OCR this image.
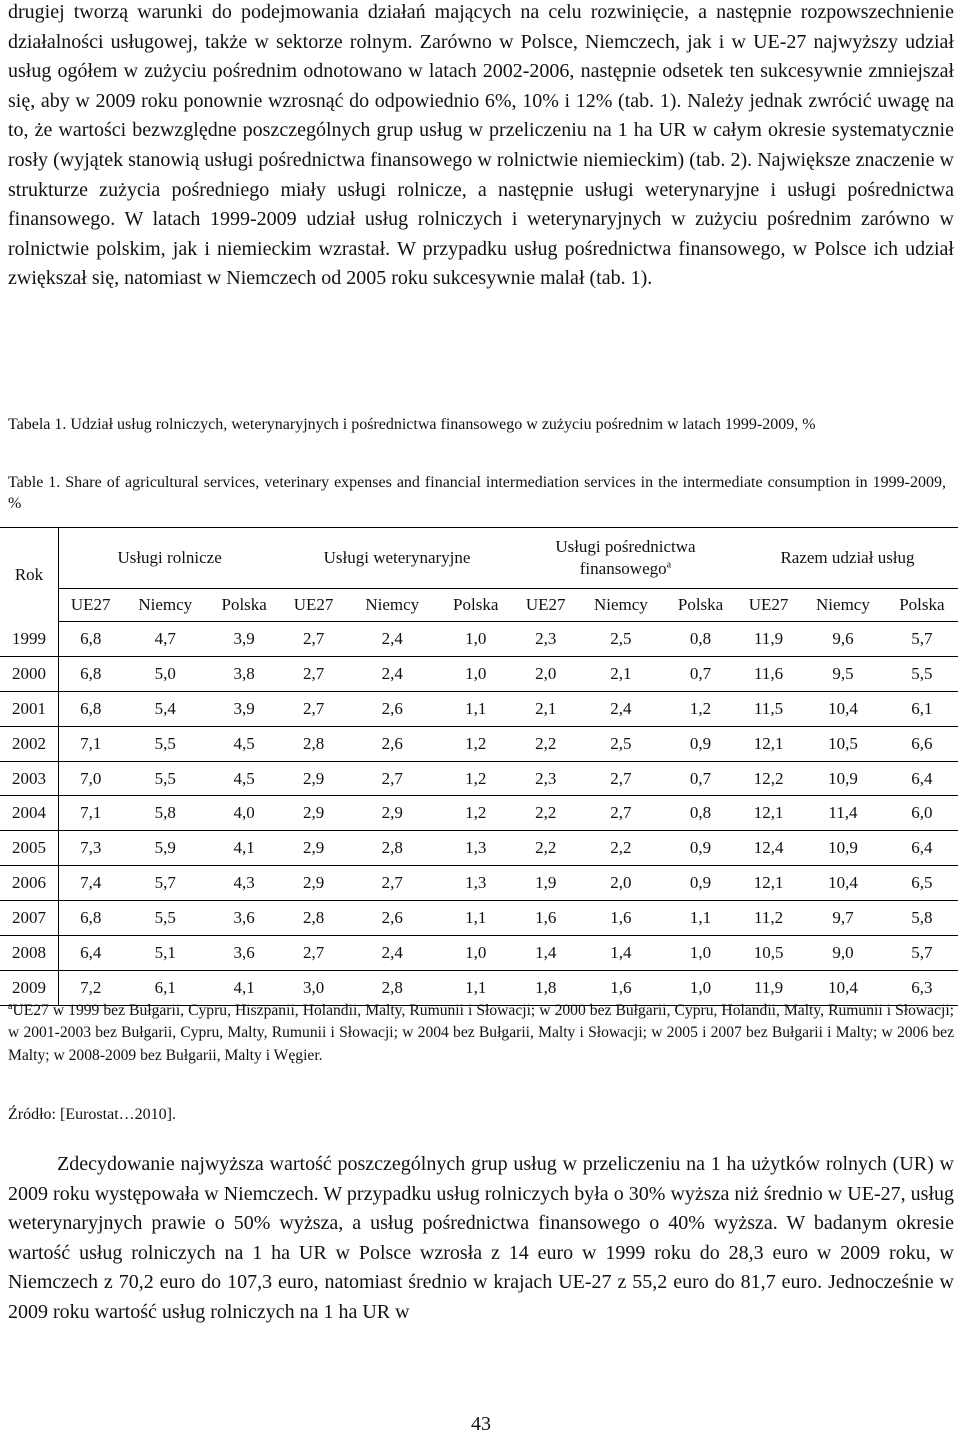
drugiej tworzą warunki do podejmowania działań mających na celu rozwinięcie, a następnie rozpowszechnienie działalności usługowej, także w sektorze rolnym. Zarówno w Polsce, Niemczech, jak i w UE-27 najwyższy udział usług ogółem w zużyciu pośrednim odnotowano w latach 2002-2006, następnie odsetek ten sukcesywnie zmniejszał się, aby w 2009 roku ponownie wzrosnąć do odpowiednio 6%, 10% i 12% (tab. 1). Należy jednak zwrócić uwagę na to, że wartości bezwzględne poszczególnych grup usług w przeliczeniu na 1 ha UR w całym okresie systematycznie rosły (wyjątek stanowią usługi pośrednictwa finansowego w rolnictwie niemieckim) (tab. 2). Największe znaczenie w strukturze zużycia pośredniego miały usługi rolnicze, a następnie usługi weterynaryjne i usługi pośrednictwa finansowego. W latach 1999-2009 udział usług rolniczych i weterynaryjnych w zużyciu pośrednim zarówno w rolnictwie polskim, jak i niemieckim wzrastał. W przypadku usług pośrednictwa finansowego, w Polsce ich udział zwiększał się, natomiast w Niemczech od 2005 roku sukcesywnie malał (tab. 1).

Tabela 1. Udział usług rolniczych, weterynaryjnych i pośrednictwa finansowego w zużyciu pośrednim w latach 1999-2009, %

Table 1. Share of agricultural services, veterinary expenses and financial intermediation services in the intermediate consumption in 1999-2009, %

Rok	Usługi rolnicze			Usługi weterynaryjne			Usługi pośrednictwa
finansowego$^a$			Razem udział usług		
	UE27	Niemcy	Polska	UE27	Niemcy	Polska	UE27	Niemcy	Polska	UE27	Niemcy	Polska
1999	6,8	4,7	3,9	2,7	2,4	1,0	2,3	2,5	0,8	11,9	9,6	5,7
2000	6,8	5,0	3,8	2,7	2,4	1,0	2,0	2,1	0,7	11,6	9,5	5,5
2001	6,8	5,4	3,9	2,7	2,6	1,1	2,1	2,4	1,2	11,5	10,4	6,1
2002	7,1	5,5	4,5	2,8	2,6	1,2	2,2	2,5	0,9	12,1	10,5	6,6
2003	7,0	5,5	4,5	2,9	2,7	1,2	2,3	2,7	0,7	12,2	10,9	6,4
2004	7,1	5,8	4,0	2,9	2,9	1,2	2,2	2,7	0,8	12,1	11,4	6,0
2005	7,3	5,9	4,1	2,9	2,8	1,3	2,2	2,2	0,9	12,4	10,9	6,4
2006	7,4	5,7	4,3	2,9	2,7	1,3	1,9	2,0	0,9	12,1	10,4	6,5
2007	6,8	5,5	3,6	2,8	2,6	1,1	1,6	1,6	1,1	11,2	9,7	5,8
2008	6,4	5,1	3,6	2,7	2,4	1,0	1,4	1,4	1,0	10,5	9,0	5,7
2009	7,2	6,1	4,1	3,0	2,8	1,1	1,8	1,6	1,0	11,9	10,4	6,3

$^a$UE27 w 1999 bez Bułgarii, Cypru, Hiszpanii, Holandii, Malty, Rumunii i Słowacji; w 2000 bez Bułgarii, Cypru, Holandii, Malty, Rumunii i Słowacji; w 2001-2003 bez Bułgarii, Cypru, Malty, Rumunii i Słowacji; w 2004 bez Bułgarii, Malty i Słowacji; w 2005 i 2007 bez Bułgarii i Malty; w 2006 bez Malty; w 2008-2009 bez Bułgarii, Malty i Węgier.

Źródło: [Eurostat…2010].

Zdecydowanie najwyższa wartość poszczególnych grup usług w przeliczeniu na 1 ha użytków rolnych (UR) w 2009 roku występowała w Niemczech. W przypadku usług rolniczych była o 30% wyższa niż średnio w UE-27, usług weterynaryjnych prawie o 50% wyższa, a usług pośrednictwa finansowego o 40% wyższa. W badanym okresie wartość usług rolniczych na 1 ha UR w Polsce wzrosła z 14 euro w 1999 roku do 28,3 euro w 2009 roku, w Niemczech z 70,2 euro do 107,3 euro, natomiast średnio w krajach UE-27 z 55,2 euro do 81,7 euro. Jednocześnie w 2009 roku wartość usług rolniczych na 1 ha UR w

43
